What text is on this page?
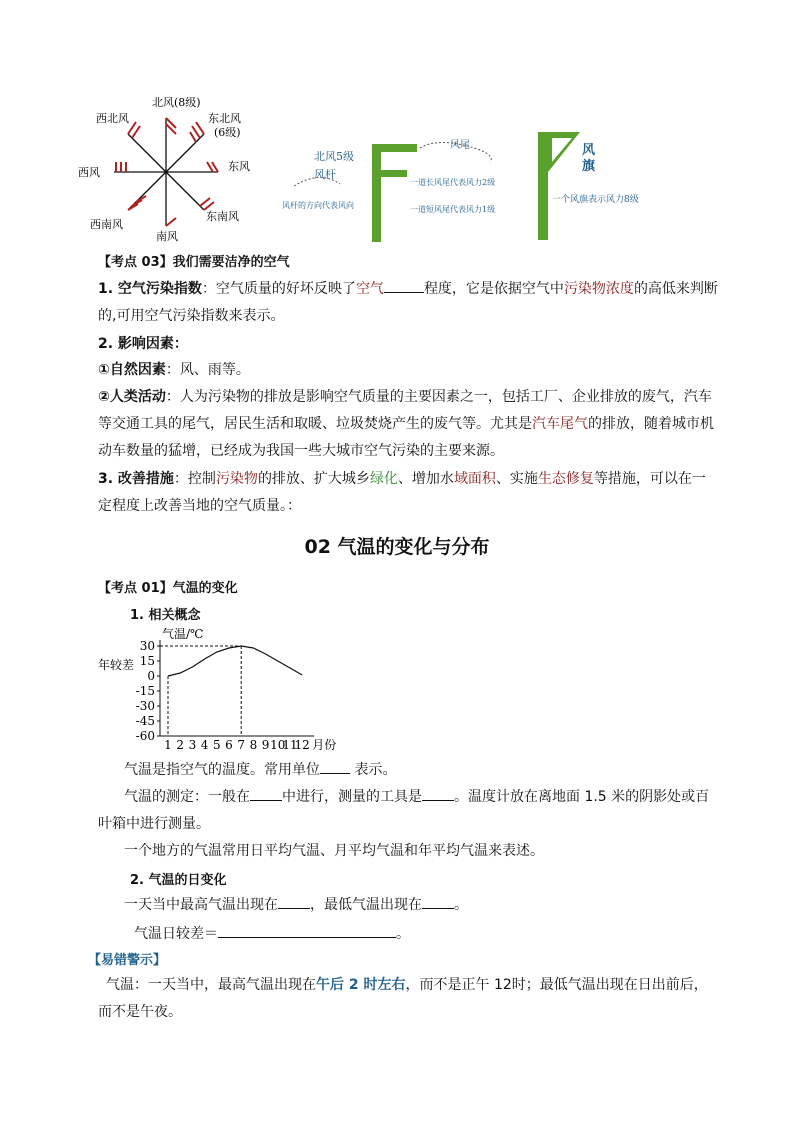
北风(8级)
东北风
(6级)
西北风
西风	东风
西南风
南风
东南风
北风5级
风杆
风杆的方向代表风向
风尾
一道长风尾代表风力2级
一道短风尾代表风力1级
风
旗
一个风旗表示风力8级
【考点 03】我们需要洁净的空气
1. 空气污染指数：空气质量的好坏反映了空气	程度，它是依据空气中污染物浓度的高低来判断的,可用空气污染指数来表示。
2. 影响因素：
①自然因素：风、雨等。
②人类活动：人为污染物的排放是影响空气质量的主要因素之一，包括工厂、企业排放的废气，汽车等交通工具的尾气，居民生活和取暖、垃圾焚烧产生的废气等。尤其是汽车尾气的排放，随着城市机动车数量的猛增，已经成为我国一些大城市空气污染的主要来源。
3. 改善措施：控制污染物的排放、扩大城乡绿化、增加水域面积、实施生态修复等措施，可以在一定程度上改善当地的空气质量。：
02 气温的变化与分布
【考点 01】气温的变化
1. 相关概念
30
15
0
-15
-30
-45
-60
1 2 3 4 5 6 7 8 9 10
11
12 月份
气温/℃
年较差
气温是指空气的温度。常用单位 表示。
气温的测定：一般在 中进行，测量的工具是 。温度计放在离地面 1.5 米的阴影处或百叶箱中进行测量。
一个地方的气温常用日平均气温、月平均气温和年平均气温来表述。
2. 气温的日变化
一天当中最高气温出现在 ，最低气温出现在 。
气温日较差＝	。
【易错警示】
气温：一天当中，最高气温出现在午后 2 时左右，而不是正午 12时；最低气温出现在日出前后，而不是午夜。
